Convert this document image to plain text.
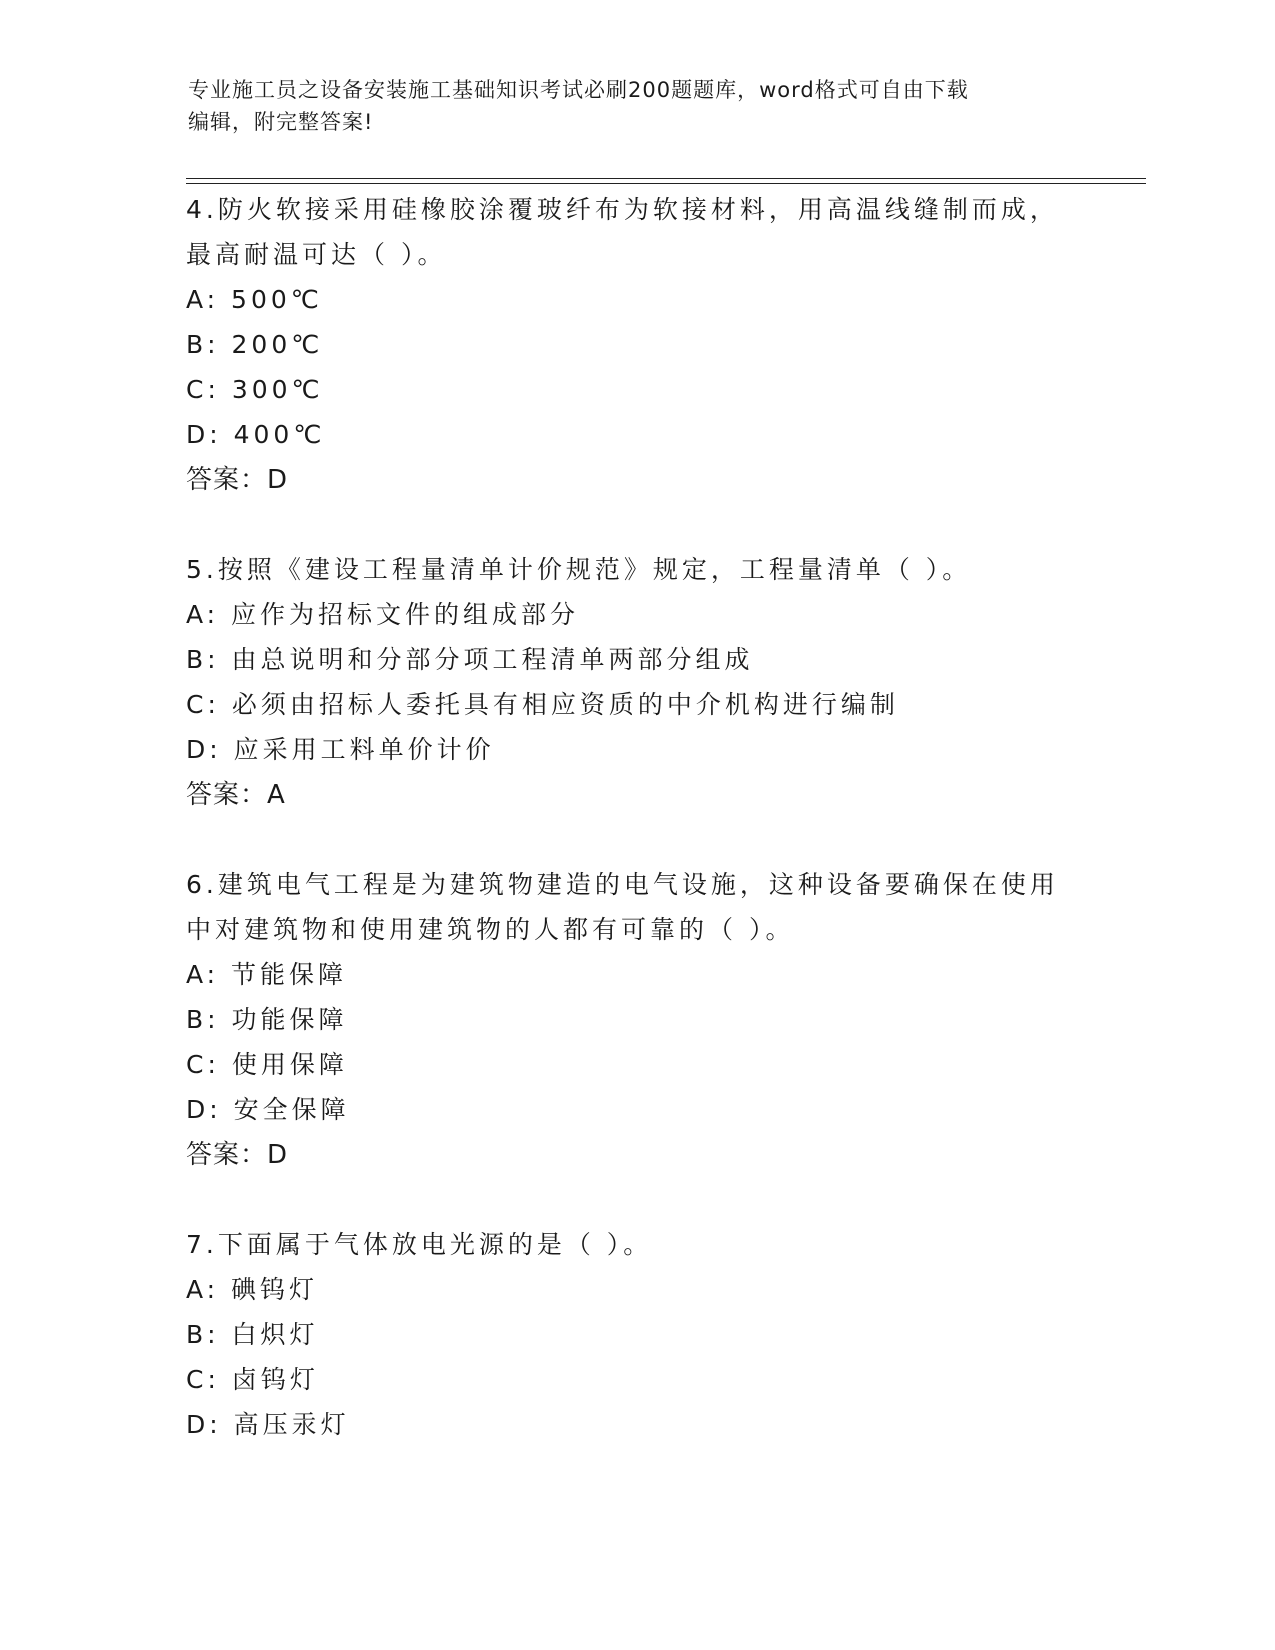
专业施工员之设备安装施工基础知识考试必刷200题题库，word格式可自由下载
编辑，附完整答案!
4.防火软接采用硅橡胶涂覆玻纤布为软接材料，用高温线缝制而成，
最高耐温可达（ ）。
A: 500℃
B: 200℃
C: 300℃
D: 400℃
答案：D
5.按照《建设工程量清单计价规范》规定，工程量清单（ ）。
A: 应作为招标文件的组成部分
B: 由总说明和分部分项工程清单两部分组成
C: 必须由招标人委托具有相应资质的中介机构进行编制
D: 应采用工料单价计价
答案：A
6.建筑电气工程是为建筑物建造的电气设施，这种设备要确保在使用
中对建筑物和使用建筑物的人都有可靠的（ ）。
A: 节能保障
B: 功能保障
C: 使用保障
D: 安全保障
答案：D
7.下面属于气体放电光源的是（ ）。
A: 碘钨灯
B: 白炽灯
C: 卤钨灯
D: 高压汞灯
